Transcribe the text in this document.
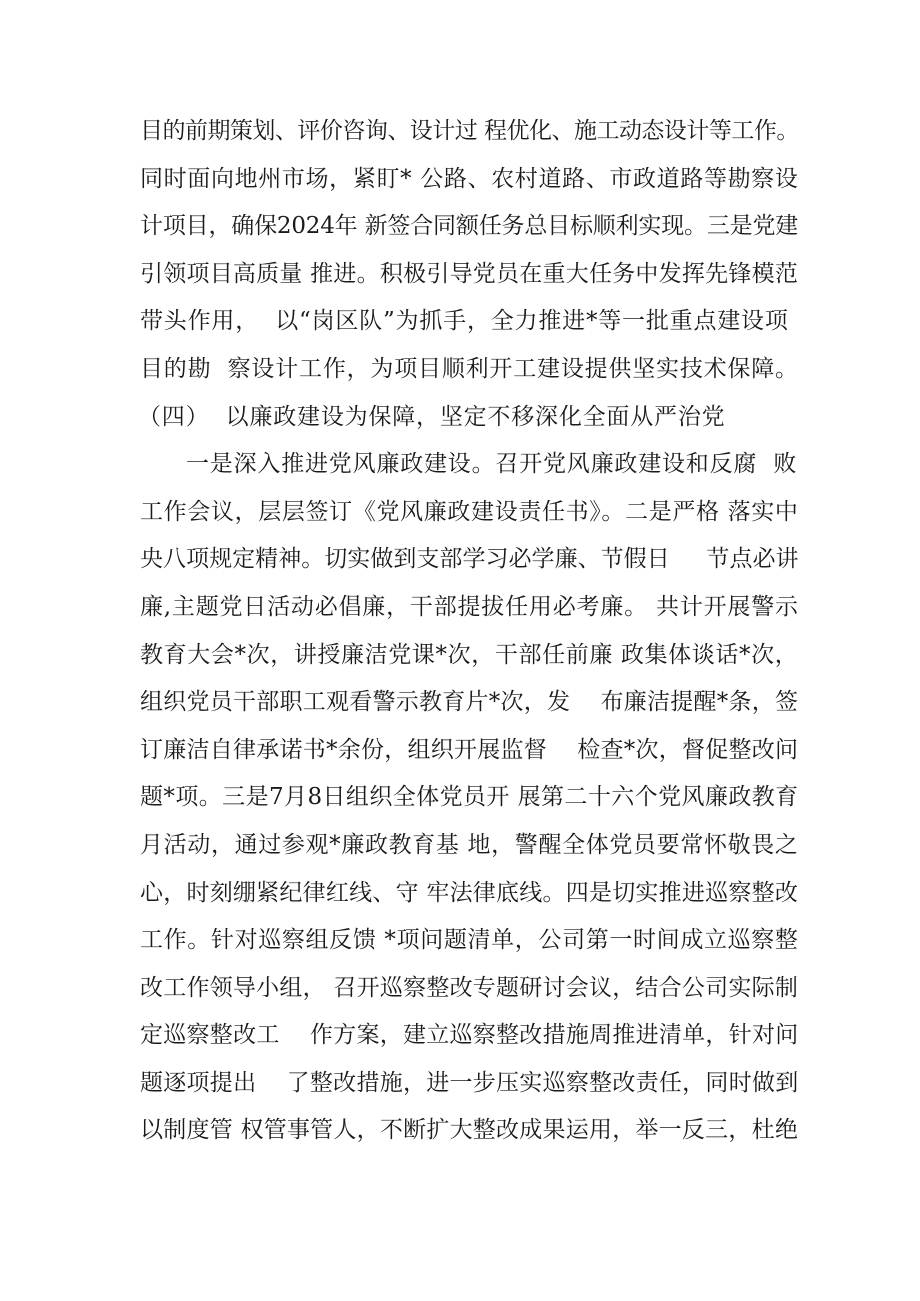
目的前期策划、评价咨询、设计过 程优化、施工动态设计等工作。
同时面向地州市场，紧盯* 公路、农村道路、市政道路等勘察设
计项目，确保2024年 新签合同额任务总目标顺利实现。三是党建
引领项目高质量 推进。积极引导党员在重大任务中发挥先锋模范
带头作用，  以“岗区队”为抓手，全力推进*等一批重点建设项
目的勘  察设计工作，为项目顺利开工建设提供坚实技术保障。
（四）  以廉政建设为保障，坚定不移深化全面从严治党
一是深入推进党风廉政建设。召开党风廉政建设和反腐  败
工作会议，层层签订《党风廉政建设责任书》。二是严格 落实中
央八项规定精神。切实做到支部学习必学廉、节假日     节点必讲
廉,主题党日活动必倡廉，干部提拔任用必考廉。 共计开展警示
教育大会*次，讲授廉洁党课*次，干部任前廉 政集体谈话*次，
组织党员干部职工观看警示教育片*次，发    布廉洁提醒*条，签
订廉洁自律承诺书*余份，组织开展监督    检查*次，督促整改问
题*项。三是7月8日组织全体党员开 展第二十六个党风廉政教育
月活动，通过参观*廉政教育基 地，警醒全体党员要常怀敬畏之
心，时刻绷紧纪律红线、守 牢法律底线。四是切实推进巡察整改
工作。针对巡察组反馈 *项问题清单，公司第一时间成立巡察整
改工作领导小组， 召开巡察整改专题研讨会议，结合公司实际制
定巡察整改工    作方案，建立巡察整改措施周推进清单，针对问
题逐项提出    了整改措施，进一步压实巡察整改责任，同时做到
以制度管 权管事管人，不断扩大整改成果运用，举一反三，杜绝
